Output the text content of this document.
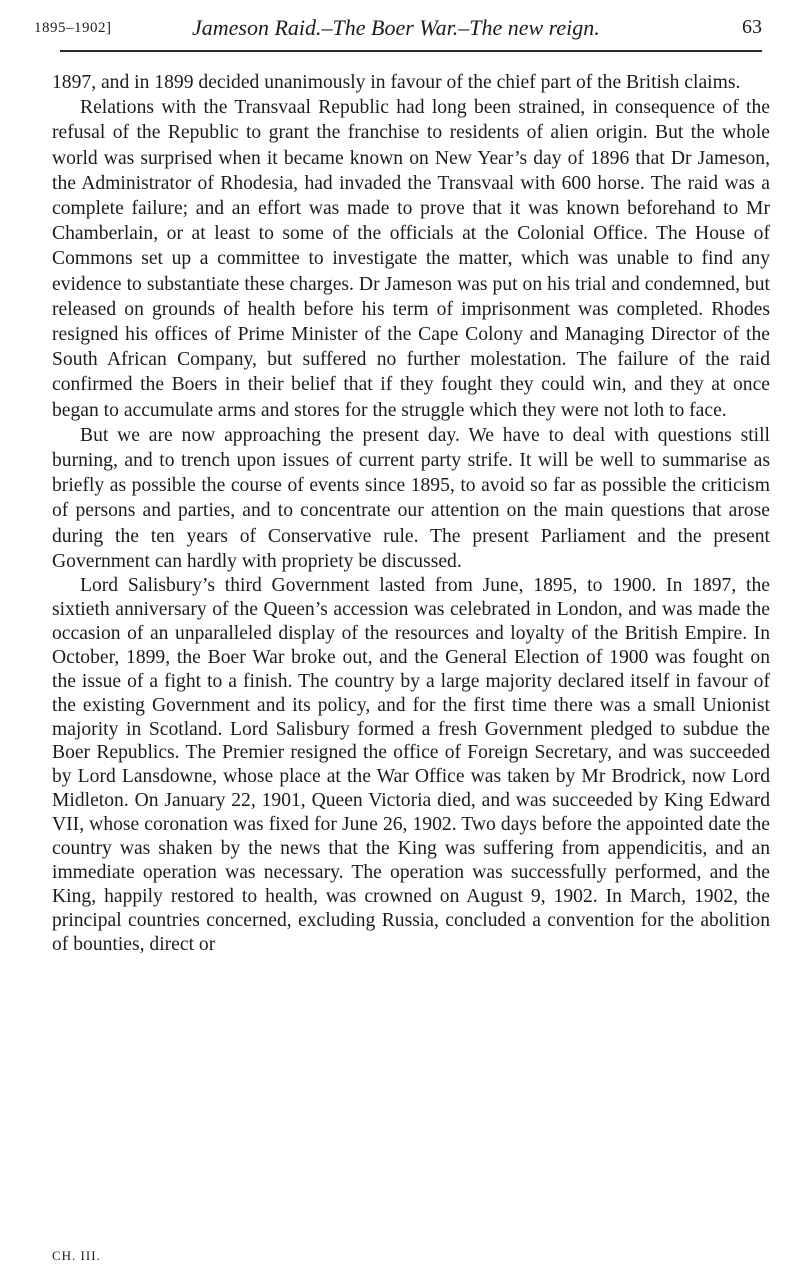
1895–1902]	Jameson Raid.–The Boer War.–The new reign.	63

1897, and in 1899 decided unanimously in favour of the chief part of the British claims.

Relations with the Transvaal Republic had long been strained, in consequence of the refusal of the Republic to grant the franchise to residents of alien origin. But the whole world was surprised when it became known on New Year’s day of 1896 that Dr Jameson, the Administrator of Rhodesia, had invaded the Transvaal with 600 horse. The raid was a complete failure; and an effort was made to prove that it was known beforehand to Mr Chamberlain, or at least to some of the officials at the Colonial Office. The House of Commons set up a committee to investigate the matter, which was unable to find any evidence to substantiate these charges. Dr Jameson was put on his trial and condemned, but released on grounds of health before his term of imprisonment was completed. Rhodes resigned his offices of Prime Minister of the Cape Colony and Managing Director of the South African Company, but suffered no further molestation. The failure of the raid confirmed the Boers in their belief that if they fought they could win, and they at once began to accumulate arms and stores for the struggle which they were not loth to face.

But we are now approaching the present day. We have to deal with questions still burning, and to trench upon issues of current party strife. It will be well to summarise as briefly as possible the course of events since 1895, to avoid so far as possible the criticism of persons and parties, and to concentrate our attention on the main questions that arose during the ten years of Conservative rule. The present Parliament and the present Government can hardly with propriety be discussed.

Lord Salisbury’s third Government lasted from June, 1895, to 1900. In 1897, the sixtieth anniversary of the Queen’s accession was celebrated in London, and was made the occasion of an unparalleled display of the resources and loyalty of the British Empire. In October, 1899, the Boer War broke out, and the General Election of 1900 was fought on the issue of a fight to a finish. The country by a large majority declared itself in favour of the existing Government and its policy, and for the first time there was a small Unionist majority in Scotland. Lord Salisbury formed a fresh Government pledged to subdue the Boer Republics. The Premier resigned the office of Foreign Secretary, and was succeeded by Lord Lansdowne, whose place at the War Office was taken by Mr Brodrick, now Lord Midleton. On January 22, 1901, Queen Victoria died, and was succeeded by King Edward VII, whose coronation was fixed for June 26, 1902. Two days before the appointed date the country was shaken by the news that the King was suffering from appendicitis, and an immediate operation was necessary. The operation was successfully performed, and the King, happily restored to health, was crowned on August 9, 1902. In March, 1902, the principal countries concerned, excluding Russia, concluded a convention for the abolition of bounties, direct or

CH. III.
